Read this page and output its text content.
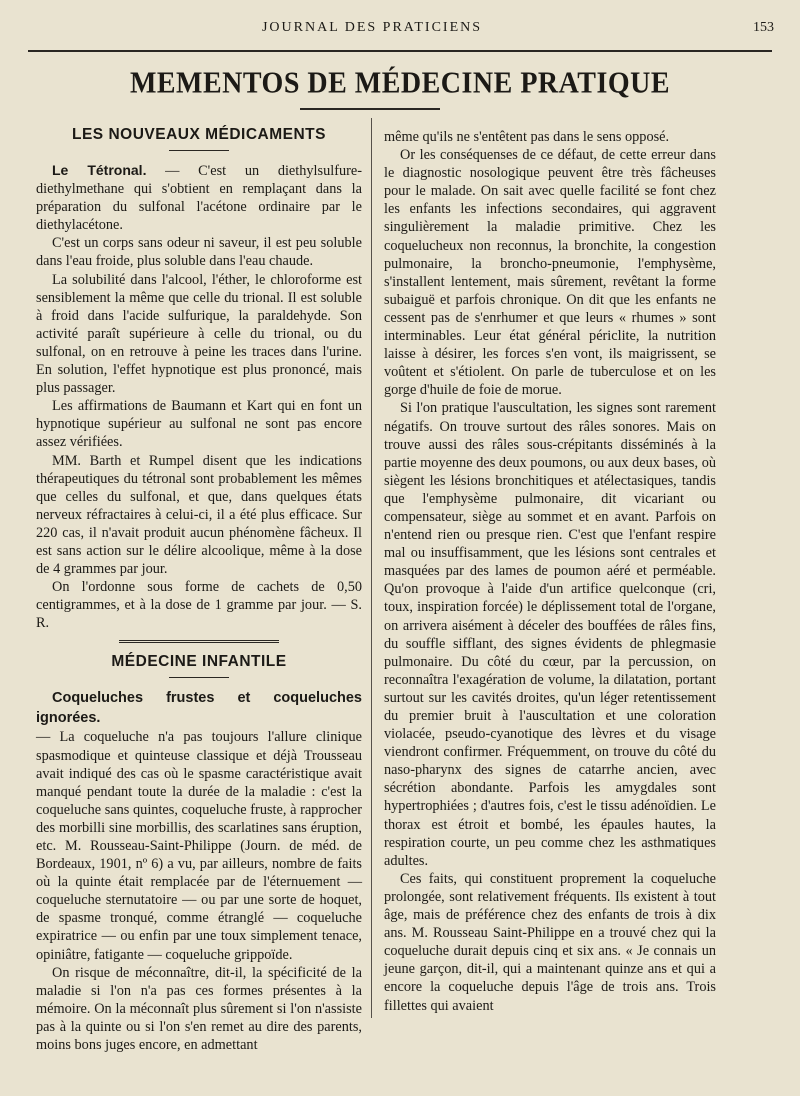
JOURNAL DES PRATICIENS	153
MEMENTOS DE MÉDECINE PRATIQUE
LES NOUVEAUX MÉDICAMENTS

Le Tétronal. — C'est un diethylsulfure-diethylmethane qui s'obtient en remplaçant dans la préparation du sulfonal l'acétone ordinaire par le diethylacétone.

C'est un corps sans odeur ni saveur, il est peu soluble dans l'eau froide, plus soluble dans l'eau chaude.

La solubilité dans l'alcool, l'éther, le chloroforme est sensiblement la même que celle du trional. Il est soluble à froid dans l'acide sulfurique, la paraldehyde. Son activité paraît supérieure à celle du trional, ou du sulfonal, on en retrouve à peine les traces dans l'urine. En solution, l'effet hypnotique est plus prononcé, mais plus passager.

Les affirmations de Baumann et Kart qui en font un hypnotique supérieur au sulfonal ne sont pas encore assez vérifiées.

MM. Barth et Rumpel disent que les indications thérapeutiques du tétronal sont probablement les mêmes que celles du sulfonal, et que, dans quelques états nerveux réfractaires à celui-ci, il a été plus efficace. Sur 220 cas, il n'avait produit aucun phénomène fâcheux. Il est sans action sur le délire alcoolique, même à la dose de 4 grammes par jour.

On l'ordonne sous forme de cachets de 0,50 centigrammes, et à la dose de 1 gramme par jour. — S. R.

MÉDECINE INFANTILE

Coqueluches frustes et coqueluches ignorées.

— La coqueluche n'a pas toujours l'allure clinique spasmodique et quinteuse classique et déjà Trousseau avait indiqué des cas où le spasme caractéristique avait manqué pendant toute la durée de la maladie : c'est la coqueluche sans quintes, coqueluche fruste, à rapprocher des morbilli sine morbillis, des scarlatines sans éruption, etc. M. Rousseau-Saint-Philippe (Journ. de méd. de Bordeaux, 1901, nº 6) a vu, par ailleurs, nombre de faits où la quinte était remplacée par de l'éternuement — coqueluche sternutatoire — ou par une sorte de hoquet, de spasme tronqué, comme étranglé — coqueluche expiratrice — ou enfin par une toux simplement tenace, opiniâtre, fatigante — coqueluche grippoïde.

On risque de méconnaître, dit-il, la spécificité de la maladie si l'on n'a pas ces formes présentes à la mémoire. On la méconnaît plus sûrement si l'on n'assiste pas à la quinte ou si l'on s'en remet au dire des parents, moins bons juges encore, en admettant

même qu'ils ne s'entêtent pas dans le sens opposé.

Or les conséquenses de ce défaut, de cette erreur dans le diagnostic nosologique peuvent être très fâcheuses pour le malade. On sait avec quelle facilité se font chez les enfants les infections secondaires, qui aggravent singulièrement la maladie primitive. Chez les coquelucheux non reconnus, la bronchite, la congestion pulmonaire, la broncho-pneumonie, l'emphysème, s'installent lentement, mais sûrement, revêtant la forme subaiguë et parfois chronique. On dit que les enfants ne cessent pas de s'enrhumer et que leurs « rhumes » sont interminables. Leur état général périclite, la nutrition laisse à désirer, les forces s'en vont, ils maigrissent, se voûtent et s'étiolent. On parle de tuberculose et on les gorge d'huile de foie de morue.

Si l'on pratique l'auscultation, les signes sont rarement négatifs. On trouve surtout des râles sonores. Mais on trouve aussi des râles sous-crépitants disséminés à la partie moyenne des deux poumons, ou aux deux bases, où siègent les lésions bronchitiques et atélectasiques, tandis que l'emphysème pulmonaire, dit vicariant ou compensateur, siège au sommet et en avant. Parfois on n'entend rien ou presque rien. C'est que l'enfant respire mal ou insuffisamment, que les lésions sont centrales et masquées par des lames de poumon aéré et perméable. Qu'on provoque à l'aide d'un artifice quelconque (cri, toux, inspiration forcée) le déplissement total de l'organe, on arrivera aisément à déceler des bouffées de râles fins, du souffle sifflant, des signes évidents de phlegmasie pulmonaire. Du côté du cœur, par la percussion, on reconnaîtra l'exagération de volume, la dilatation, portant surtout sur les cavités droites, qu'un léger retentissement du premier bruit à l'auscultation et une coloration violacée, pseudo-cyanotique des lèvres et du visage viendront confirmer. Fréquemment, on trouve du côté du naso-pharynx des signes de catarrhe ancien, avec sécrétion abondante. Parfois les amygdales sont hypertrophiées ; d'autres fois, c'est le tissu adénoïdien. Le thorax est étroit et bombé, les épaules hautes, la respiration courte, un peu comme chez les asthmatiques adultes.

Ces faits, qui constituent proprement la coqueluche prolongée, sont relativement fréquents. Ils existent à tout âge, mais de préférence chez des enfants de trois à dix ans. M. Rousseau Saint-Philippe en a trouvé chez qui la coqueluche durait depuis cinq et six ans. « Je connais un jeune garçon, dit-il, qui a maintenant quinze ans et qui a encore la coqueluche depuis l'âge de trois ans. Trois fillettes qui avaient
